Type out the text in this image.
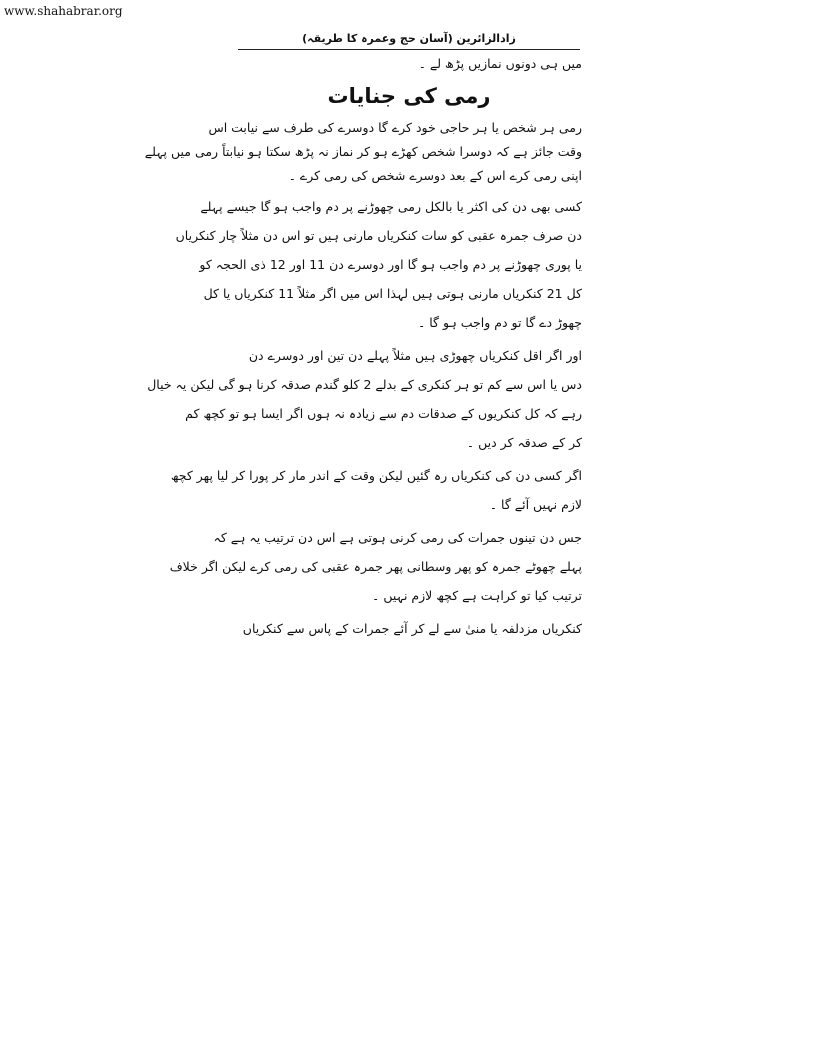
www.shahabrar.org
زادالزائرین (آسان حج وعمرہ کا طریقہ)
میں ہی دونوں نمازیں پڑھ لے ۔
رمی کی جنایات
رمی ہر شخص یا ہر حاجی خود کرے گا دوسرے کی طرف سے نیابت اس
وقت جائز ہے کہ دوسرا شخص کھڑے ہو کر نماز نہ پڑھ سکتا ہو نیابتاً رمی میں پہلے
اپنی رمی کرے اس کے بعد دوسرے شخص کی رمی کرے ۔
کسی بھی دن کی اکثر یا بالکل رمی چھوڑنے پر دم واجب ہو گا جیسے پہلے
دن صرف جمرہ عقبی کو سات کنکریاں مارنی ہیں تو اس دن مثلاً چار کنکریاں
یا پوری چھوڑنے پر دم واجب ہو گا اور دوسرے دن 11 اور 12 ذی الحجہ کو
کل 21 کنکریاں مارنی ہوتی ہیں لہذا اس میں اگر مثلاً 11 کنکریاں یا کل
چھوڑ دے گا تو دم واجب ہو گا ۔
اور اگر اقل کنکریاں چھوڑی ہیں مثلاً پہلے دن تین اور دوسرے دن
دس یا اس سے کم تو ہر کنکری کے بدلے 2 کلو گندم صدقہ کرنا ہو گی لیکن یہ خیال
رہے کہ کل کنکریوں کے صدقات دم سے زیادہ نہ ہوں اگر ایسا ہو تو کچھ کم
کر کے صدقہ کر دیں ۔
اگر کسی دن کی کنکریاں رہ گئیں لیکن وقت کے اندر مار کر پورا کر لیا پھر کچھ
لازم نہیں آئے گا ۔
جس دن تینوں جمرات کی رمی کرنی ہوتی ہے اس دن ترتیب یہ ہے کہ
پہلے چھوٹے جمرہ کو پھر وسطانی پھر جمرہ عقبی کی رمی کرے لیکن اگر خلاف
ترتیب کیا تو کراہت ہے کچھ لازم نہیں ۔
کنکریاں مزدلفہ یا منیٰ سے لے کر آئے جمرات کے پاس سے کنکریاں
